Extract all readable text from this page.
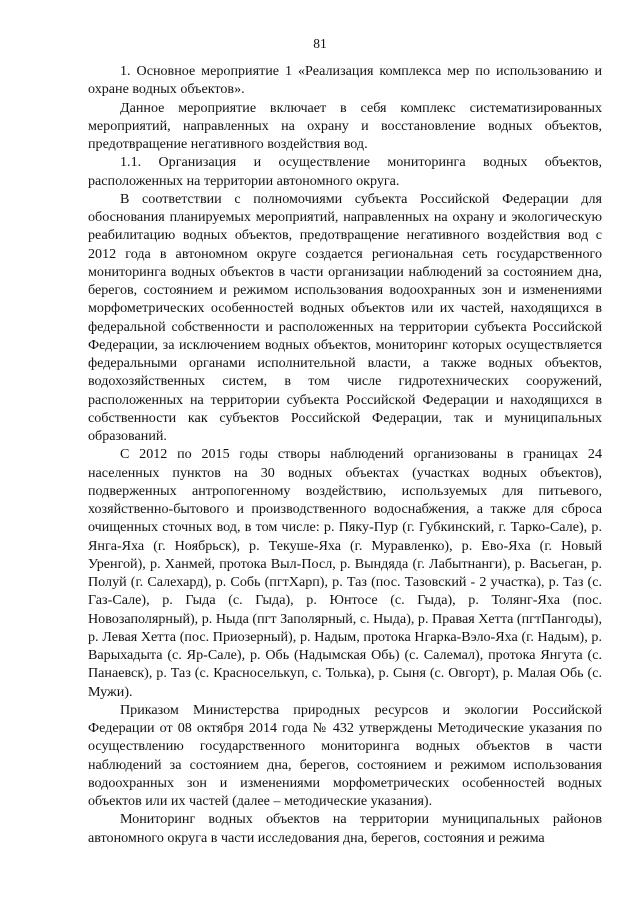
81

1. Основное мероприятие 1 «Реализация комплекса мер по использованию и охране водных объектов».

Данное мероприятие включает в себя комплекс систематизированных мероприятий, направленных на охрану и восстановление водных объектов, предотвращение негативного воздействия вод.

1.1. Организация и осуществление мониторинга водных объектов, расположенных на территории автономного округа.

В соответствии с полномочиями субъекта Российской Федерации для обоснования планируемых мероприятий, направленных на охрану и экологическую реабилитацию водных объектов, предотвращение негативного воздействия вод с 2012 года в автономном округе создается региональная сеть государственного мониторинга водных объектов в части организации наблюдений за состоянием дна, берегов, состоянием и режимом использования водоохранных зон и изменениями морфометрических особенностей водных объектов или их частей, находящихся в федеральной собственности и расположенных на территории субъекта Российской Федерации, за исключением водных объектов, мониторинг которых осуществляется федеральными органами исполнительной власти, а также водных объектов, водохозяйственных систем, в том числе гидротехнических сооружений, расположенных на территории субъекта Российской Федерации и находящихся в собственности как субъектов Российской Федерации, так и муниципальных образований.

С 2012 по 2015 годы створы наблюдений организованы в границах 24 населенных пунктов на 30 водных объектах (участках водных объектов), подверженных антропогенному воздействию, используемых для питьевого, хозяйственно-бытового и производственного водоснабжения, а также для сброса очищенных сточных вод, в том числе: р. Пяку-Пур (г. Губкинский, г. Тарко-Сале), р. Янга-Яха (г. Ноябрьск), р. Текуше-Яха (г. Муравленко), р. Ево-Яха (г. Новый Уренгой), р. Ханмей, протока Выл-Посл, р. Вындяда (г. Лабытнанги), р. Васьеган, р. Полуй (г. Салехард), р. Собь (пгтХарп), р. Таз (пос. Тазовский - 2 участка), р. Таз (с. Газ-Сале), р. Гыда (с. Гыда), р. Юнтосе (с. Гыда), р. Толянг-Яха (пос. Новозаполярный), р. Ныда (пгт Заполярный, с. Ныда), р. Правая Хетта (пгтПангоды), р. Левая Хетта (пос. Приозерный), р. Надым, протока Нгарка-Вэло-Яха (г. Надым), р. Варыхадыта (с. Яр-Сале), р. Обь (Надымская Обь) (с. Салемал), протока Янгута (с. Панаевск), р. Таз (с. Красноселькуп, с. Толька), р. Сыня (с. Овгорт), р. Малая Обь (с. Мужи).

Приказом Министерства природных ресурсов и экологии Российской Федерации от 08 октября 2014 года № 432 утверждены Методические указания по осуществлению государственного мониторинга водных объектов в части наблюдений за состоянием дна, берегов, состоянием и режимом использования водоохранных зон и изменениями морфометрических особенностей водных объектов или их частей (далее – методические указания).

Мониторинг водных объектов на территории муниципальных районов автономного округа в части исследования дна, берегов, состояния и режима
